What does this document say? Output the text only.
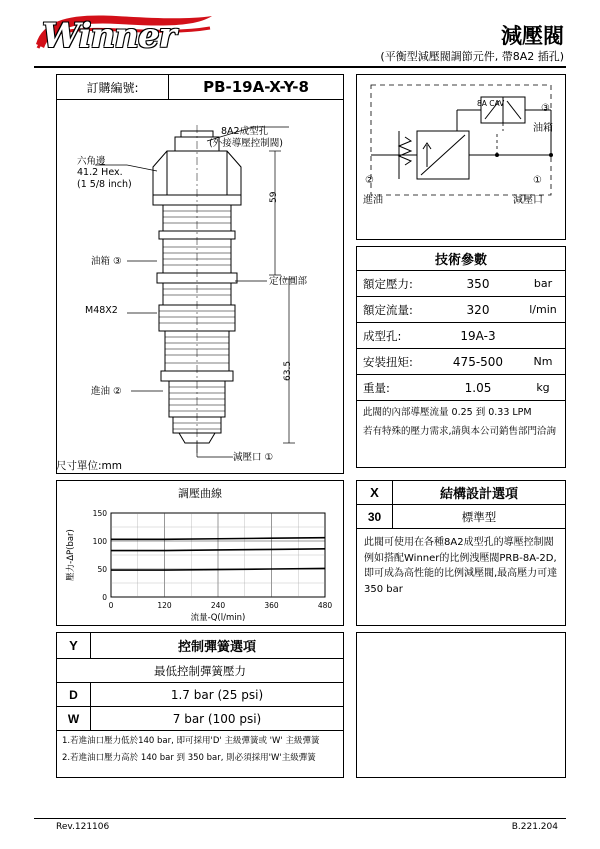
Winner	減壓閥
(平衡型減壓閥調節元件, 帶8A2 插孔)
8A2成型孔
(外接導壓控制閥)
六角邊
41.2 Hex.
(1 5/8 inch)
油箱 ③
M48X2
進油 ②
減壓口 ①
定位圓部
59
63.5
訂購編號:	PB-19A-X-Y-8
尺寸單位:mm
8A CAV	③
油箱
②
進油
①
減壓口
技術參數
額定壓力:	350	bar
額定流量:	320	l/min
成型孔:	19A-3
安裝扭矩:	475-500	Nm
重量:	1.05	kg
此閥的內部導壓流量 0.25 到 0.33 LPM
若有特殊的壓力需求,請與本公司銷售部門洽詢
調壓曲線
0	120	240	360	480
0
50
100
150
流量-Q(l/min)
壓力-ΔP(bar)
X	結構設計選項
30	標準型
此閥可使用在各種8A2成型孔的導壓控制閥 例如搭配Winner的比例洩壓閥PRB-8A-2D,即可成為高性能的比例減壓閥,最高壓力可達 350 bar
Y	控制彈簧選項
最低控制彈簧壓力
D	1.7 bar (25 psi)
W	7 bar (100 psi)
1.若進油口壓力低於140 bar, 即可採用'D' 主級彈簧或 'W' 主級彈簧
2.若進油口壓力高於 140 bar 到 350 bar, 則必須採用'W'主級彈簧
Rev.121106	B.221.204
